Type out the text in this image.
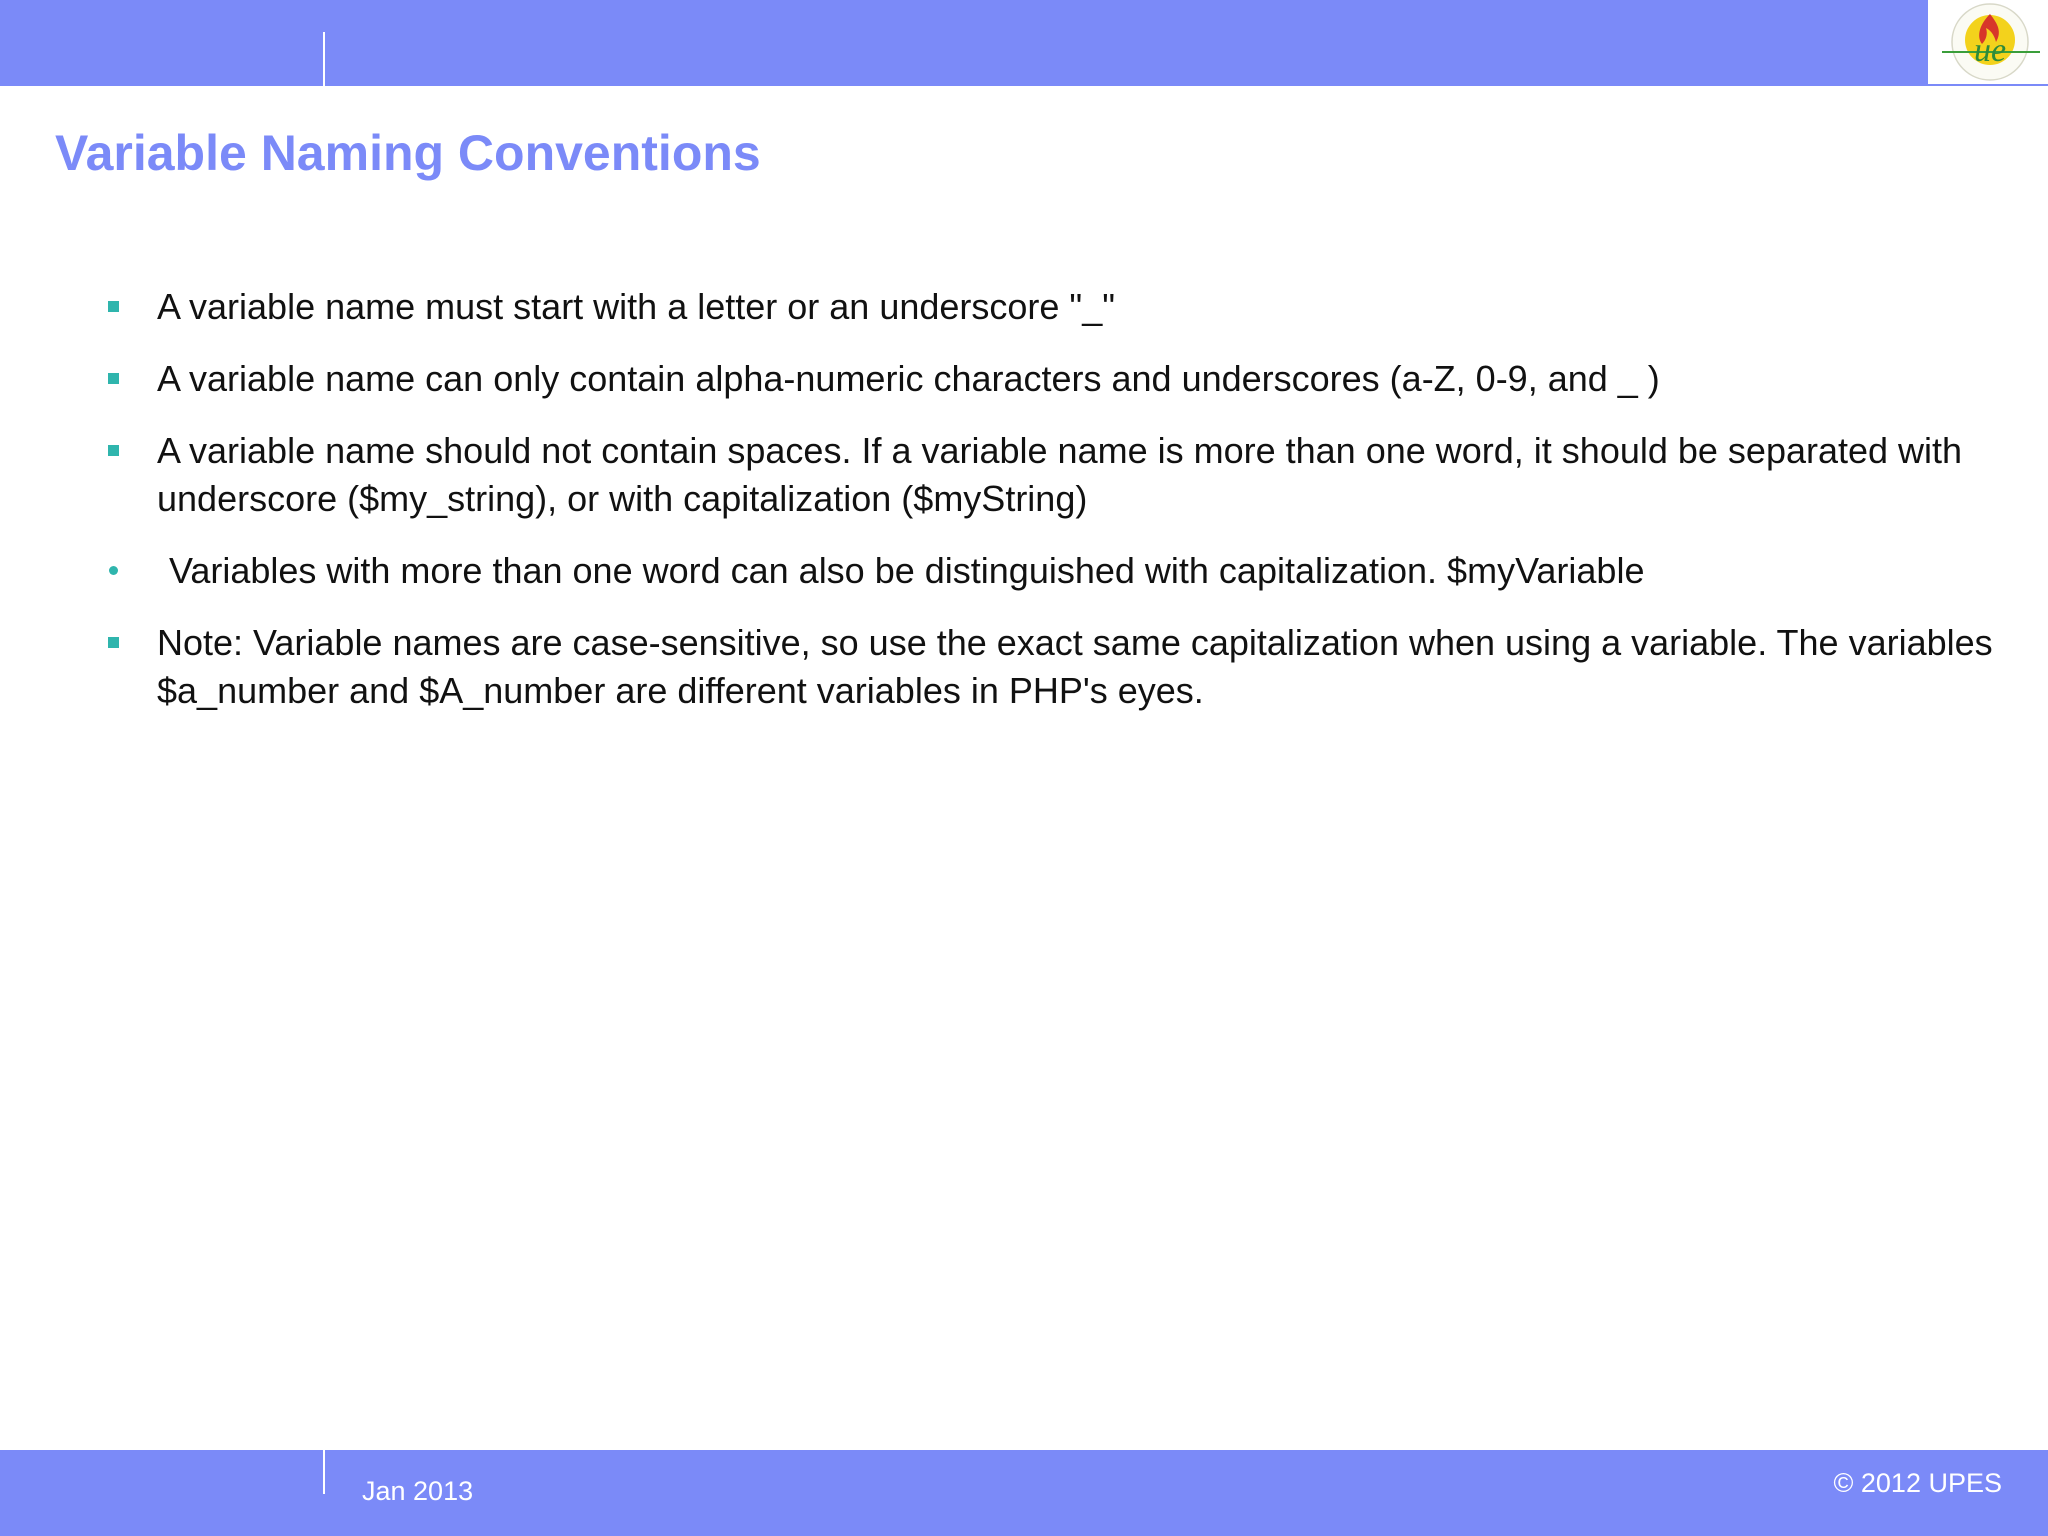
ue
Variable Naming Conventions
A variable name must start with a letter or an underscore "_"
A variable name can only contain alpha-numeric characters and underscores (a-Z, 0-9, and _ )
A variable name should not contain spaces. If a variable name is more than one word, it should be separated with underscore ($my_string), or with capitalization ($myString)
Variables with more than one word can also be distinguished with capitalization. $myVariable
Note: Variable names are case-sensitive, so use the exact same capitalization when using a variable. The variables $a_number and $A_number are different variables in PHP's eyes.
Jan 2013	© 2012 UPES
